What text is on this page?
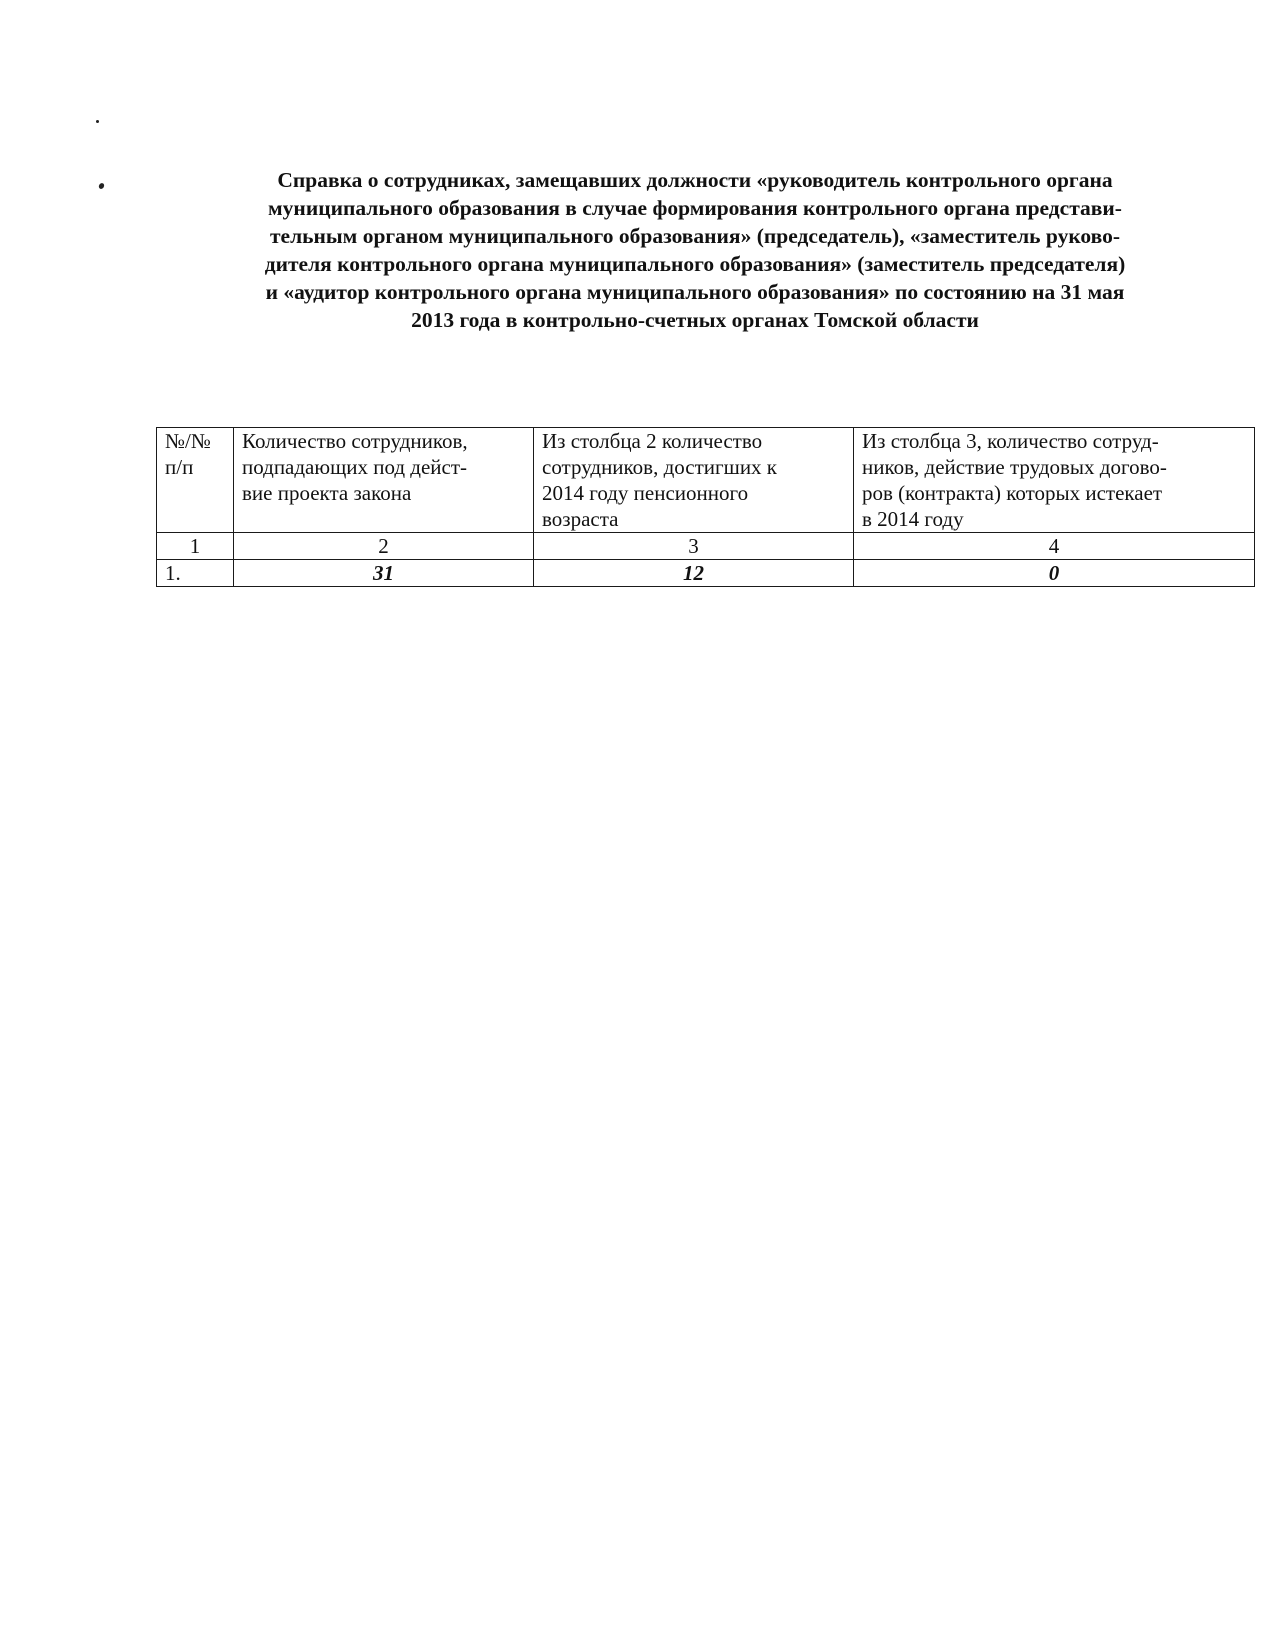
Справка о сотрудниках, замещавших должности «руководитель контрольного органа
муниципального образования в случае формирования контрольного органа представи-
тельным органом муниципального образования» (председатель), «заместитель руково-
дителя контрольного органа муниципального образования» (заместитель председателя)
и «аудитор контрольного органа муниципального образования» по состоянию на 31 мая
2013 года в контрольно-счетных органах Томской области
№/№
п/п	Количество сотрудников,
подпадающих под дейст-
вие проекта закона	Из столбца 2 количество
сотрудников, достигших к
2014 году пенсионного
возраста	Из столбца 3, количество сотруд-
ников, действие трудовых догово-
ров (контракта) которых истекает
в 2014 году

1	2	3	4
1.	31	12	0
